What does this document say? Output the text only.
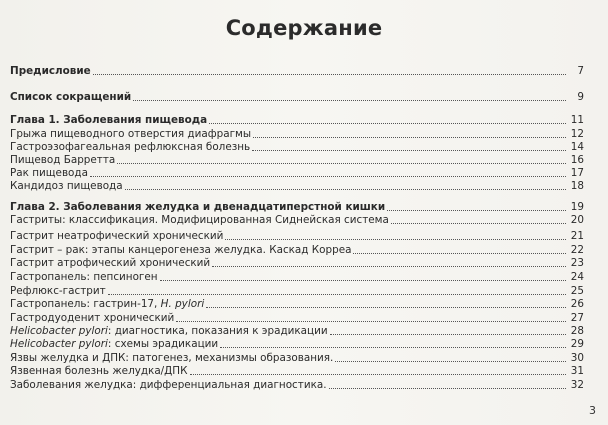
Содержание
Предисловие	7
Список сокращений	9
Глава 1. Заболевания пищевода	11
Грыжа пищеводного отверстия диафрагмы	12
Гастроэзофагеальная рефлюксная болезнь	14
Пищевод Барретта	16
Рак пищевода	17
Кандидоз пищевода	18
Глава 2. Заболевания желудка и двенадцатиперстной кишки	19
Гастриты: классификация. Модифицированная Сиднейская система	20
Гастрит неатрофический хронический	21
Гастрит – рак: этапы канцерогенеза желудка. Каскад Корреа	22
Гастрит атрофический хронический	23
Гастропанель: пепсиноген	24
Рефлюкс-гастрит	25
Гастропанель: гастрин-17, H. pylori	26
Гастродуоденит хронический	27
Helicobacter pylori: диагностика, показания к эрадикации	28
Helicobacter pylori: схемы эрадикации	29
Язвы желудка и ДПК: патогенез, механизмы образования.	30
Язвенная болезнь желудка/ДПК	31
Заболевания желудка: дифференциальная диагностика.	32
3
